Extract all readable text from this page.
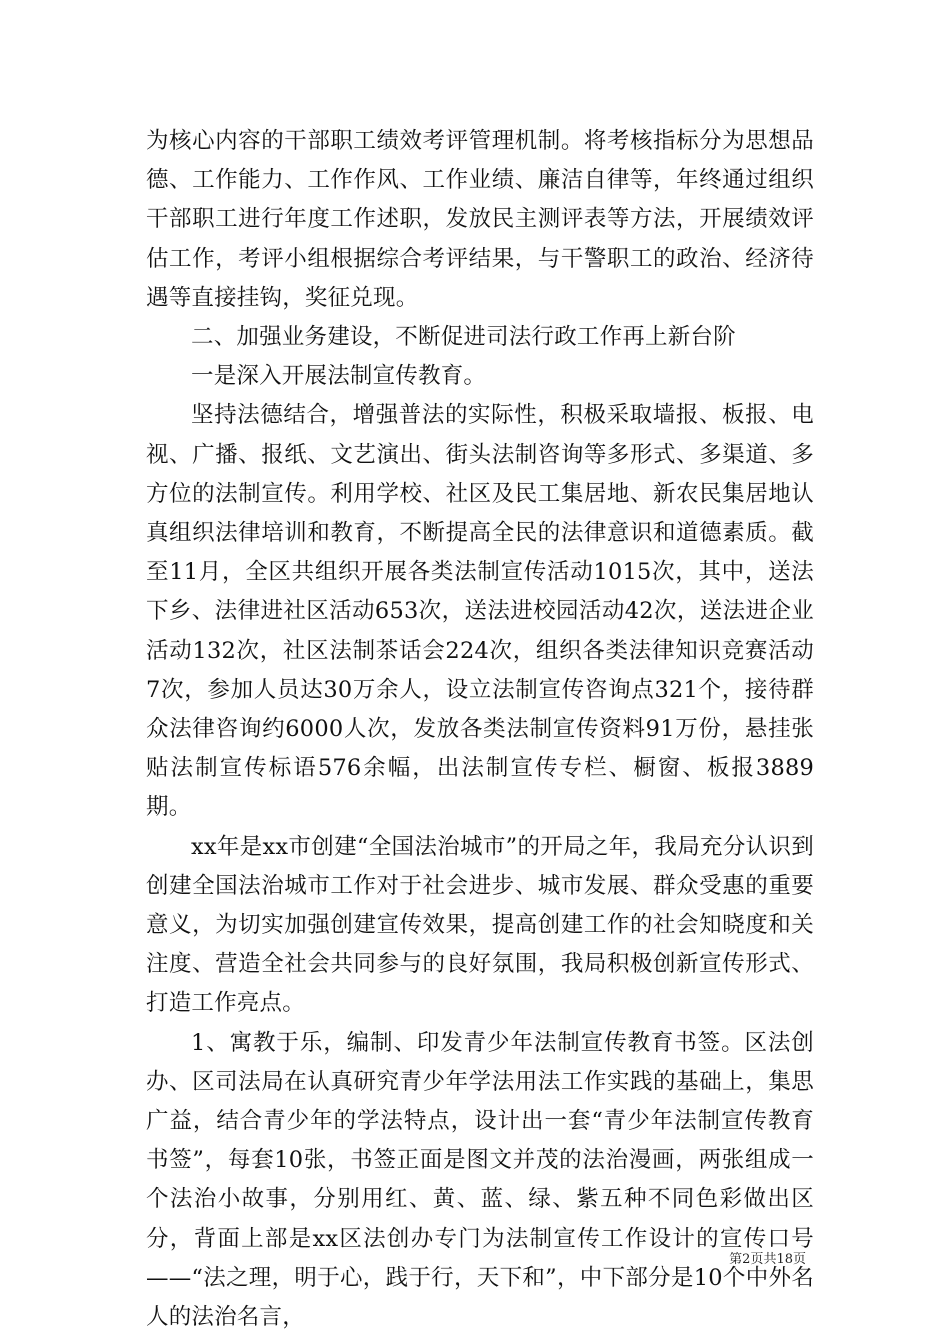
为核心内容的干部职工绩效考评管理机制。将考核指标分为思想品德、工作能力、工作作风、工作业绩、廉洁自律等，年终通过组织干部职工进行年度工作述职，发放民主测评表等方法，开展绩效评估工作，考评小组根据综合考评结果，与干警职工的政治、经济待遇等直接挂钩，奖征兑现。

二、加强业务建设，不断促进司法行政工作再上新台阶

一是深入开展法制宣传教育。

坚持法德结合，增强普法的实际性，积极采取墙报、板报、电视、广播、报纸、文艺演出、街头法制咨询等多形式、多渠道、多方位的法制宣传。利用学校、社区及民工集居地、新农民集居地认真组织法律培训和教育，不断提高全民的法律意识和道德素质。截至11月，全区共组织开展各类法制宣传活动1015次，其中，送法下乡、法律进社区活动653次，送法进校园活动42次，送法进企业活动132次，社区法制茶话会224次，组织各类法律知识竞赛活动7次，参加人员达30万余人，设立法制宣传咨询点321个，接待群众法律咨询约6000人次，发放各类法制宣传资料91万份，悬挂张贴法制宣传标语576余幅，出法制宣传专栏、橱窗、板报3889期。

xx年是xx市创建“全国法治城市”的开局之年，我局充分认识到创建全国法治城市工作对于社会进步、城市发展、群众受惠的重要意义，为切实加强创建宣传效果，提高创建工作的社会知晓度和关注度、营造全社会共同参与的良好氛围，我局积极创新宣传形式、打造工作亮点。

1、寓教于乐，编制、印发青少年法制宣传教育书签。区法创办、区司法局在认真研究青少年学法用法工作实践的基础上，集思广益，结合青少年的学法特点，设计出一套“青少年法制宣传教育书签”，每套10张，书签正面是图文并茂的法治漫画，两张组成一个法治小故事，分别用红、黄、蓝、绿、紫五种不同色彩做出区分，背面上部是xx区法创办专门为法制宣传工作设计的宣传口号——“法之理，明于心，践于行，天下和”，中下部分是10个中外名人的法治名言，

第2页共18页
